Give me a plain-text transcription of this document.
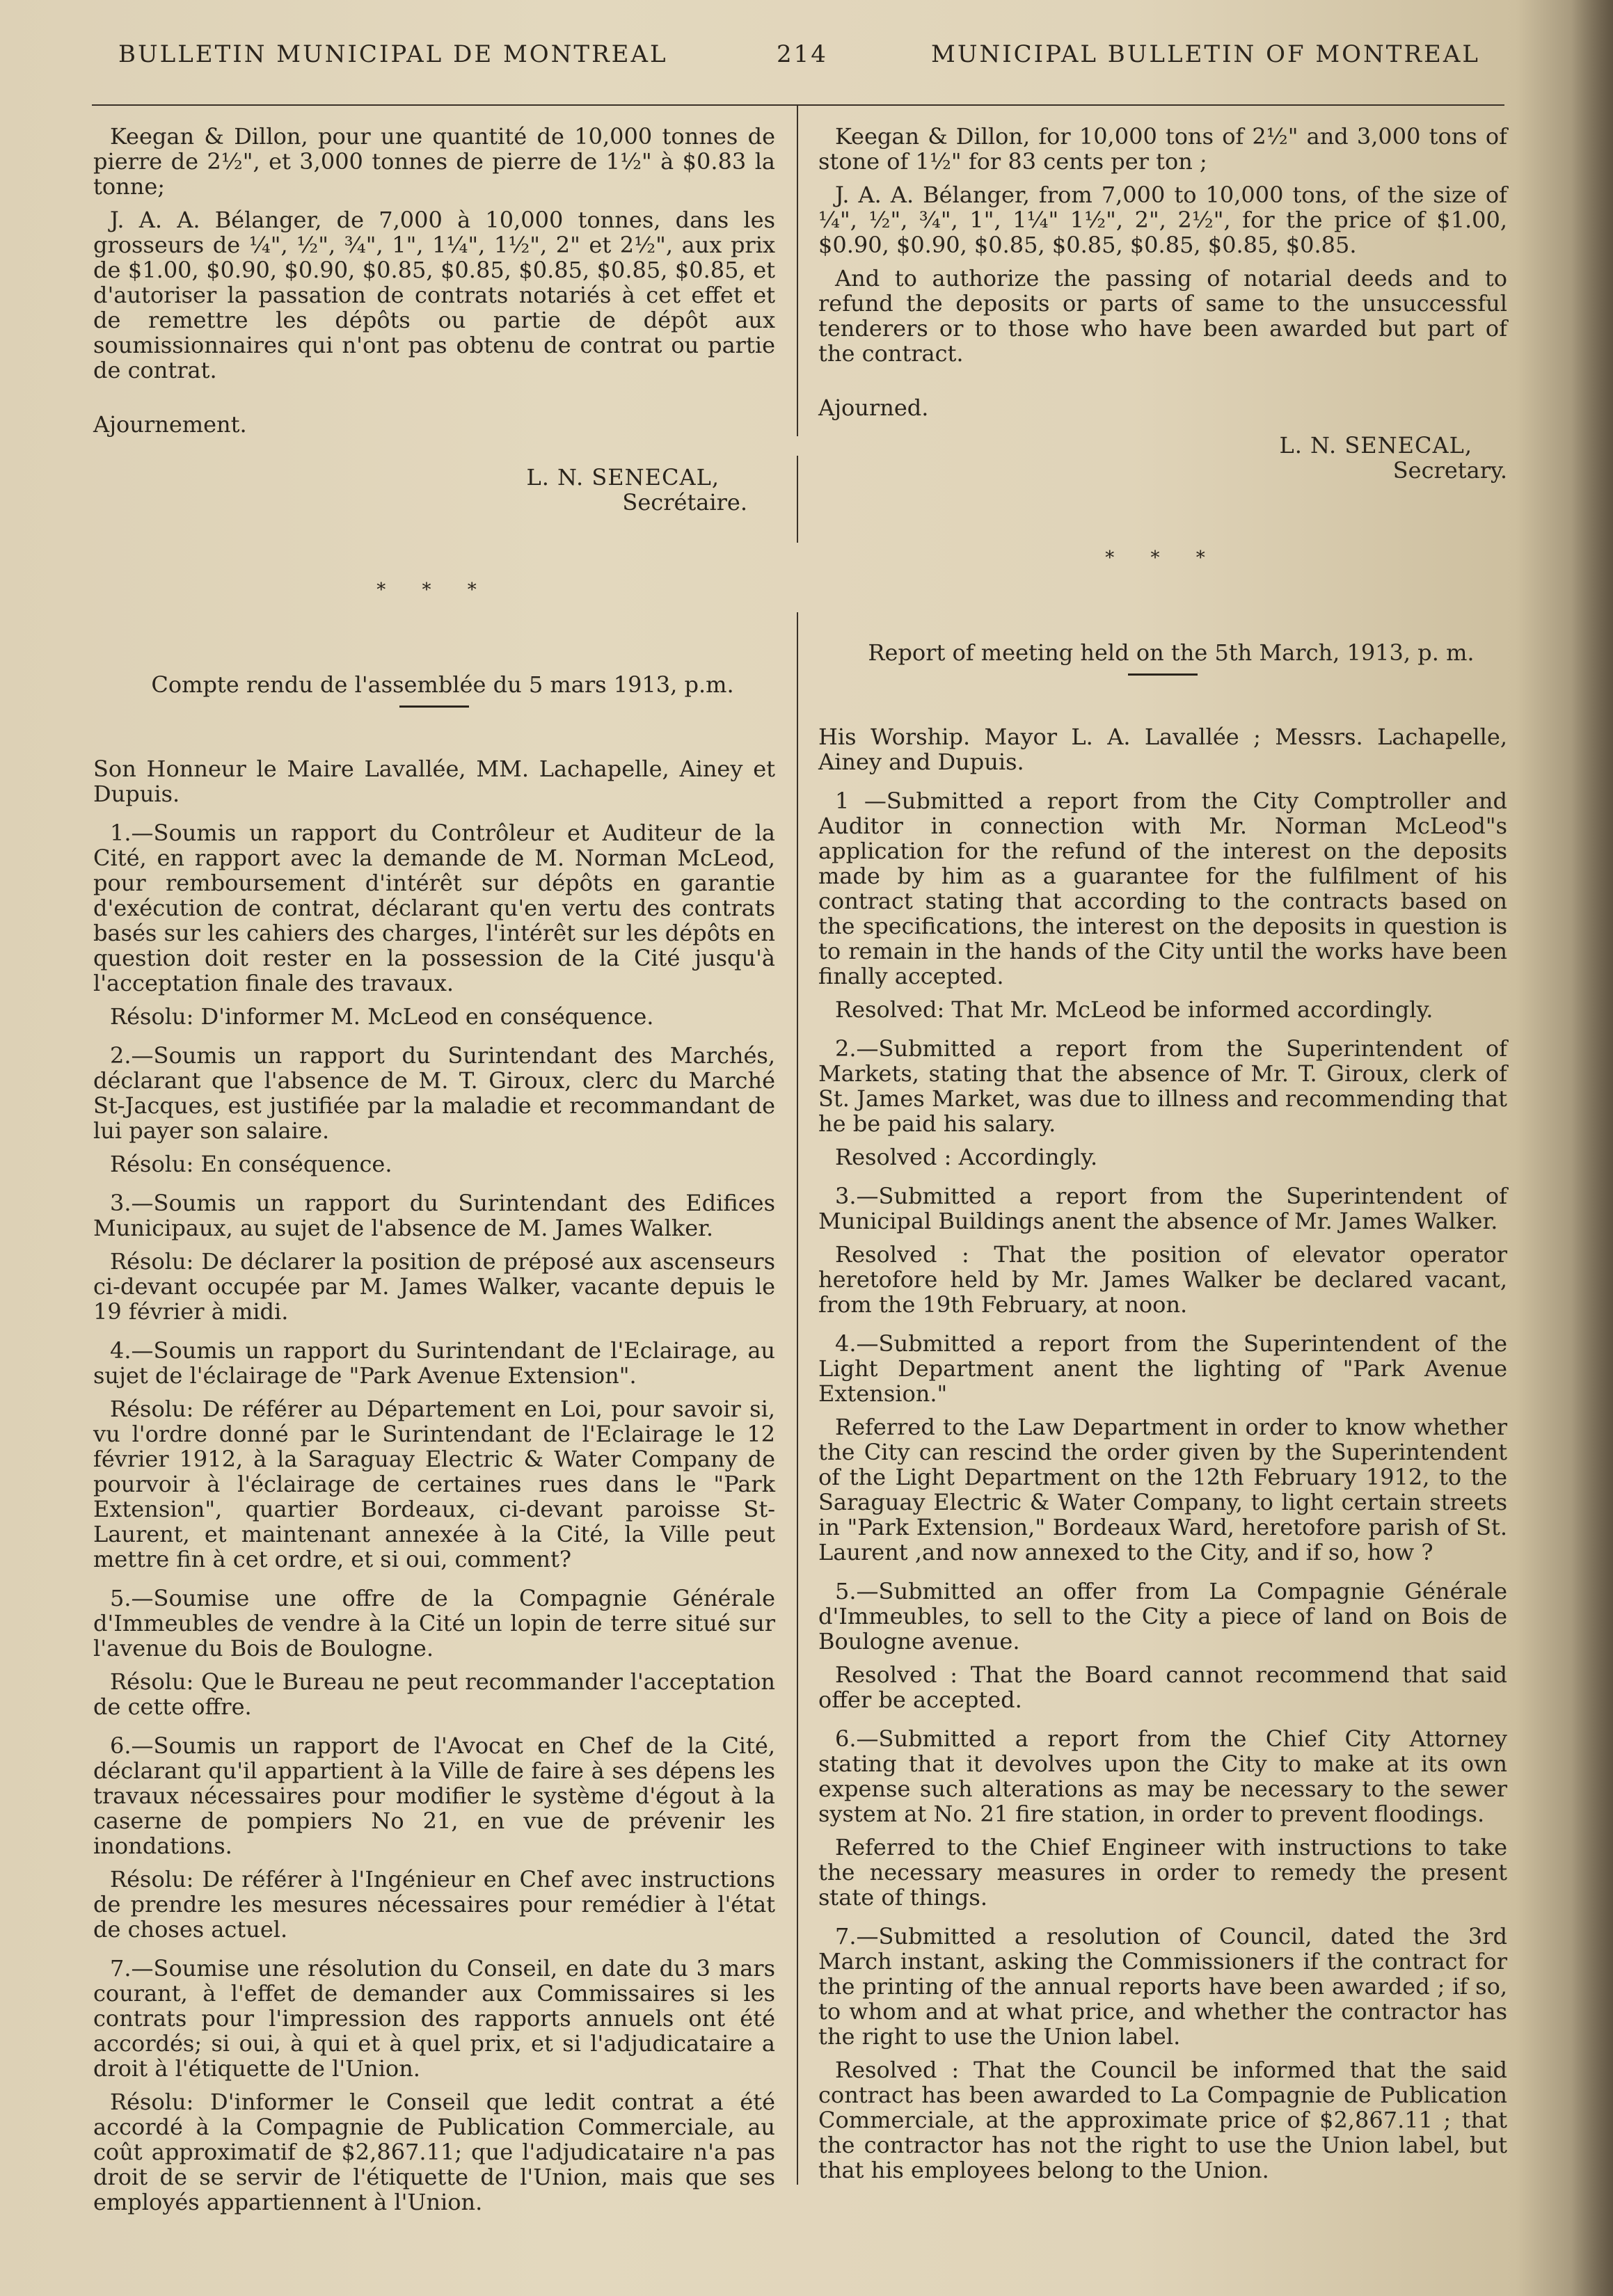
BULLETIN MUNICIPAL DE MONTREAL	214	MUNICIPAL BULLETIN OF MONTREAL

Keegan & Dillon, pour une quantité de 10,000 tonnes de pierre de 2½", et 3,000 tonnes de pierre de 1½" à $0.83 la tonne;

J. A. A. Bélanger, de 7,000 à 10,000 tonnes, dans les grosseurs de ¼", ½", ¾", 1", 1¼", 1½", 2" et 2½", aux prix de $1.00, $0.90, $0.90, $0.85, $0.85, $0.85, $0.85, $0.85, et d'autoriser la passation de contrats notariés à cet effet et de remettre les dépôts ou partie de dépôt aux soumissionnaires qui n'ont pas obtenu de contrat ou partie de contrat.

Ajournement.

L. N. SENECAL,
Secrétaire.
* * *

Compte rendu de l'assemblée du 5 mars 1913, p.m.

Son Honneur le Maire Lavallée, MM. Lachapelle, Ainey et Dupuis.

1.—Soumis un rapport du Contrôleur et Auditeur de la Cité, en rapport avec la demande de M. Norman McLeod, pour remboursement d'intérêt sur dépôts en garantie d'exécution de contrat, déclarant qu'en vertu des contrats basés sur les cahiers des charges, l'intérêt sur les dépôts en question doit rester en la possession de la Cité jusqu'à l'acceptation finale des travaux.

Résolu: D'informer M. McLeod en conséquence.

2.—Soumis un rapport du Surintendant des Marchés, déclarant que l'absence de M. T. Giroux, clerc du Marché St-Jacques, est justifiée par la maladie et recommandant de lui payer son salaire.

Résolu: En conséquence.

3.—Soumis un rapport du Surintendant des Edifices Municipaux, au sujet de l'absence de M. James Walker.

Résolu: De déclarer la position de préposé aux ascenseurs ci-devant occupée par M. James Walker, vacante depuis le 19 février à midi.

4.—Soumis un rapport du Surintendant de l'Eclairage, au sujet de l'éclairage de "Park Avenue Extension".

Résolu: De référer au Département en Loi, pour savoir si, vu l'ordre donné par le Surintendant de l'Eclairage le 12 février 1912, à la Saraguay Electric & Water Company de pourvoir à l'éclairage de certaines rues dans le "Park Extension", quartier Bordeaux, ci-devant paroisse St-Laurent, et maintenant annexée à la Cité, la Ville peut mettre fin à cet ordre, et si oui, comment?

5.—Soumise une offre de la Compagnie Générale d'Immeubles de vendre à la Cité un lopin de terre situé sur l'avenue du Bois de Boulogne.

Résolu: Que le Bureau ne peut recommander l'acceptation de cette offre.

6.—Soumis un rapport de l'Avocat en Chef de la Cité, déclarant qu'il appartient à la Ville de faire à ses dépens les travaux nécessaires pour modifier le système d'égout à la caserne de pompiers No 21, en vue de prévenir les inondations.

Résolu: De référer à l'Ingénieur en Chef avec instructions de prendre les mesures nécessaires pour remédier à l'état de choses actuel.

7.—Soumise une résolution du Conseil, en date du 3 mars courant, à l'effet de demander aux Commissaires si les contrats pour l'impression des rapports annuels ont été accordés; si oui, à qui et à quel prix, et si l'adjudicataire a droit à l'étiquette de l'Union.

Résolu: D'informer le Conseil que ledit contrat a été accordé à la Compagnie de Publication Commerciale, au coût approximatif de $2,867.11; que l'adjudicataire n'a pas droit de se servir de l'étiquette de l'Union, mais que ses employés appartiennent à l'Union.

Keegan & Dillon, for 10,000 tons of 2½" and 3,000 tons of stone of 1½" for 83 cents per ton ;

J. A. A. Bélanger, from 7,000 to 10,000 tons, of the size of ¼", ½", ¾", 1", 1¼" 1½", 2", 2½", for the price of $1.00, $0.90, $0.90, $0.85, $0.85, $0.85, $0.85, $0.85.

And to authorize the passing of notarial deeds and to refund the deposits or parts of same to the unsuccessful tenderers or to those who have been awarded but part of the contract.

Ajourned.

L. N. SENECAL,
Secretary.
* * *

Report of meeting held on the 5th March, 1913, p. m.

His Worship. Mayor L. A. Lavallée ; Messrs. Lachapelle, Ainey and Dupuis.

1 —Submitted a report from the City Comptroller and Auditor in connection with Mr. Norman McLeod"s application for the refund of the interest on the deposits made by him as a guarantee for the fulfilment of his contract stating that according to the contracts based on the specifications, the interest on the deposits in question is to remain in the hands of the City until the works have been finally accepted.

Resolved: That Mr. McLeod be informed accordingly.

2.—Submitted a report from the Superintendent of Markets, stating that the absence of Mr. T. Giroux, clerk of St. James Market, was due to illness and recommending that he be paid his salary.

Resolved : Accordingly.

3.—Submitted a report from the Superintendent of Municipal Buildings anent the absence of Mr. James Walker.

Resolved : That the position of elevator operator heretofore held by Mr. James Walker be declared vacant, from the 19th February, at noon.

4.—Submitted a report from the Superintendent of the Light Department anent the lighting of "Park Avenue Extension."

Referred to the Law Department in order to know whether the City can rescind the order given by the Superintendent of the Light Department on the 12th February 1912, to the Saraguay Electric & Water Company, to light certain streets in "Park Extension," Bordeaux Ward, heretofore parish of St. Laurent ,and now annexed to the City, and if so, how ?

5.—Submitted an offer from La Compagnie Générale d'Immeubles, to sell to the City a piece of land on Bois de Boulogne avenue.

Resolved : That the Board cannot recommend that said offer be accepted.

6.—Submitted a report from the Chief City Attorney stating that it devolves upon the City to make at its own expense such alterations as may be necessary to the sewer system at No. 21 fire station, in order to prevent floodings.

Referred to the Chief Engineer with instructions to take the necessary measures in order to remedy the present state of things.

7.—Submitted a resolution of Council, dated the 3rd March instant, asking the Commissioners if the contract for the printing of the annual reports have been awarded ; if so, to whom and at what price, and whether the contractor has the right to use the Union label.

Resolved : That the Council be informed that the said contract has been awarded to La Compagnie de Publication Commerciale, at the approximate price of $2,867.11 ; that the contractor has not the right to use the Union label, but that his employees belong to the Union.
